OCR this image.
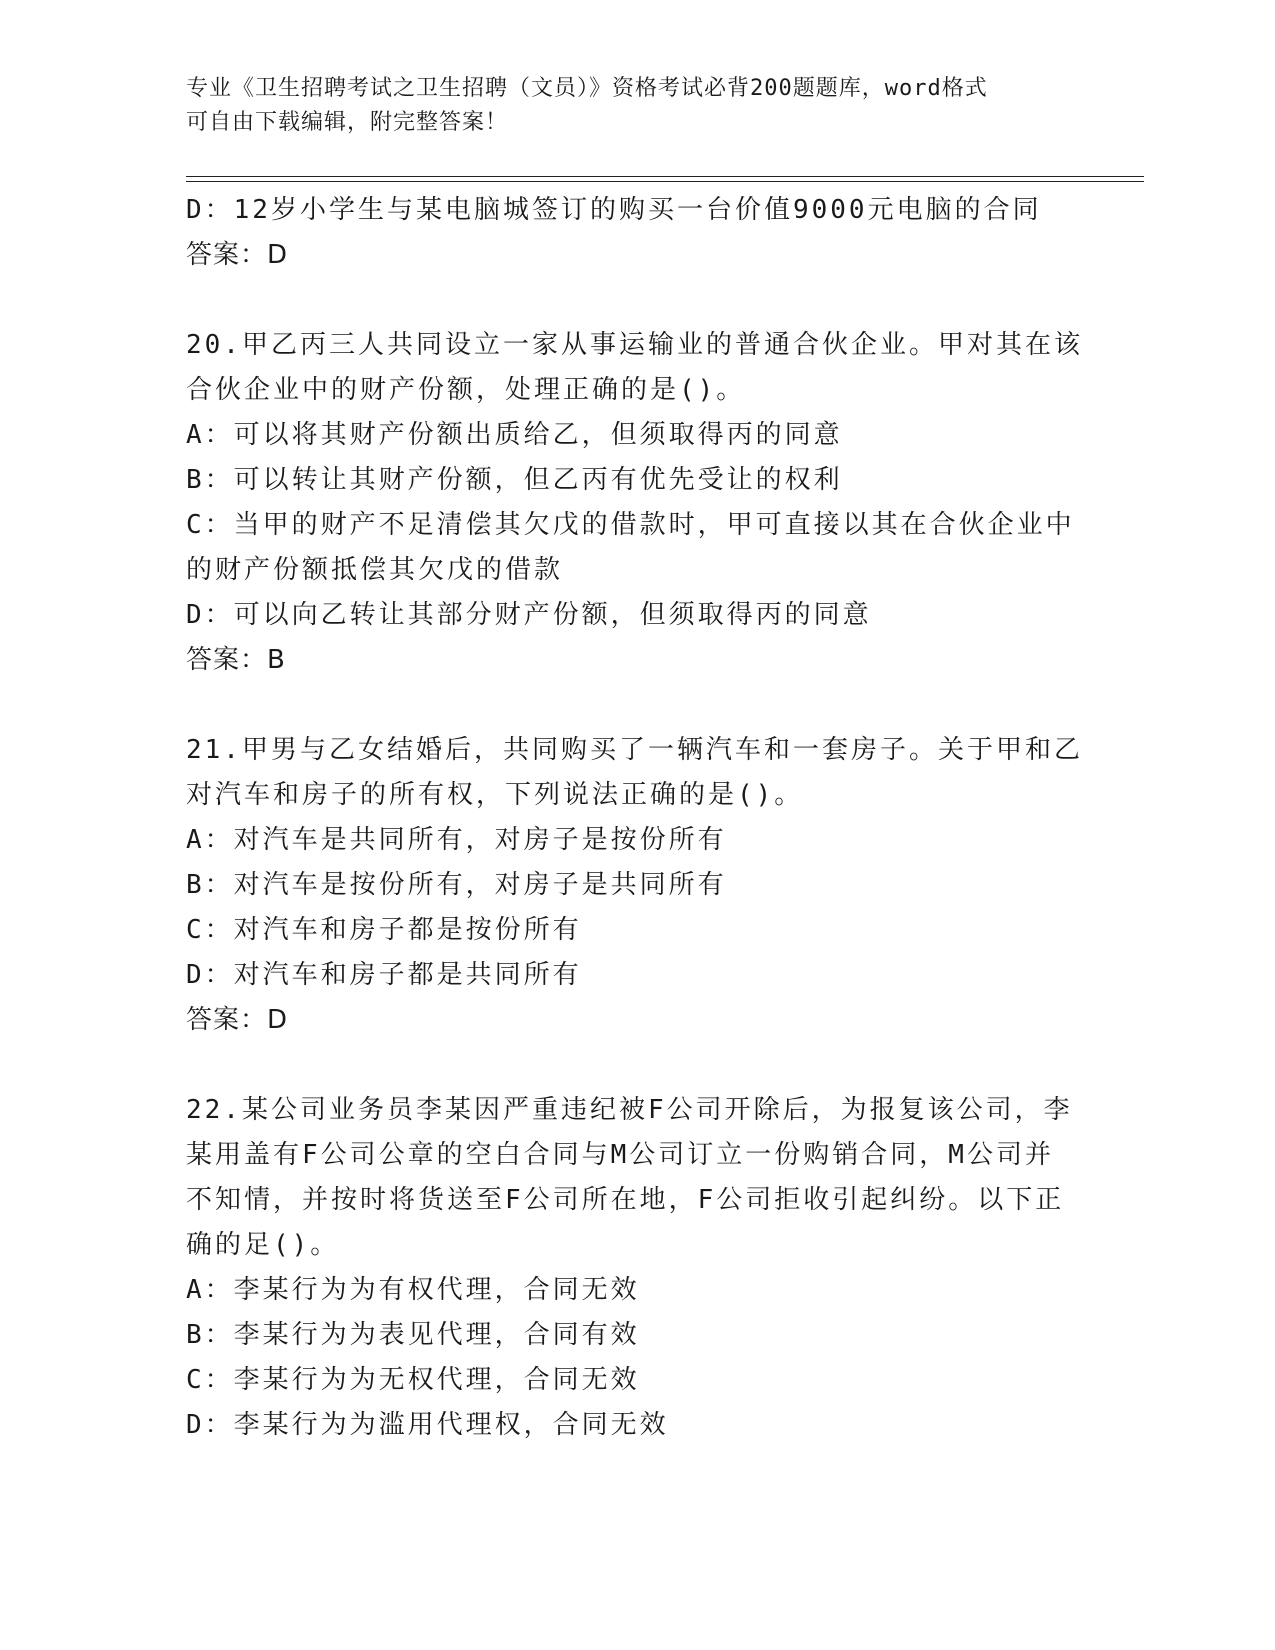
专业《卫生招聘考试之卫生招聘（文员）》资格考试必背200题题库，word格式
可自由下载编辑，附完整答案！
D：12岁小学生与某电脑城签订的购买一台价值9000元电脑的合同
答案：D
20.甲乙丙三人共同设立一家从事运输业的普通合伙企业。甲对其在该
合伙企业中的财产份额，处理正确的是()。
A：可以将其财产份额出质给乙，但须取得丙的同意
B：可以转让其财产份额，但乙丙有优先受让的权利
C：当甲的财产不足清偿其欠戊的借款时，甲可直接以其在合伙企业中
的财产份额抵偿其欠戊的借款
D：可以向乙转让其部分财产份额，但须取得丙的同意
答案：B
21.甲男与乙女结婚后，共同购买了一辆汽车和一套房子。关于甲和乙
对汽车和房子的所有权，下列说法正确的是()。
A：对汽车是共同所有，对房子是按份所有
B：对汽车是按份所有，对房子是共同所有
C：对汽车和房子都是按份所有
D：对汽车和房子都是共同所有
答案：D
22.某公司业务员李某因严重违纪被F公司开除后，为报复该公司，李
某用盖有F公司公章的空白合同与M公司订立一份购销合同，M公司并
不知情，并按时将货送至F公司所在地，F公司拒收引起纠纷。以下正
确的足()。
A：李某行为为有权代理，合同无效
B：李某行为为表见代理，合同有效
C：李某行为为无权代理，合同无效
D：李某行为为滥用代理权，合同无效
